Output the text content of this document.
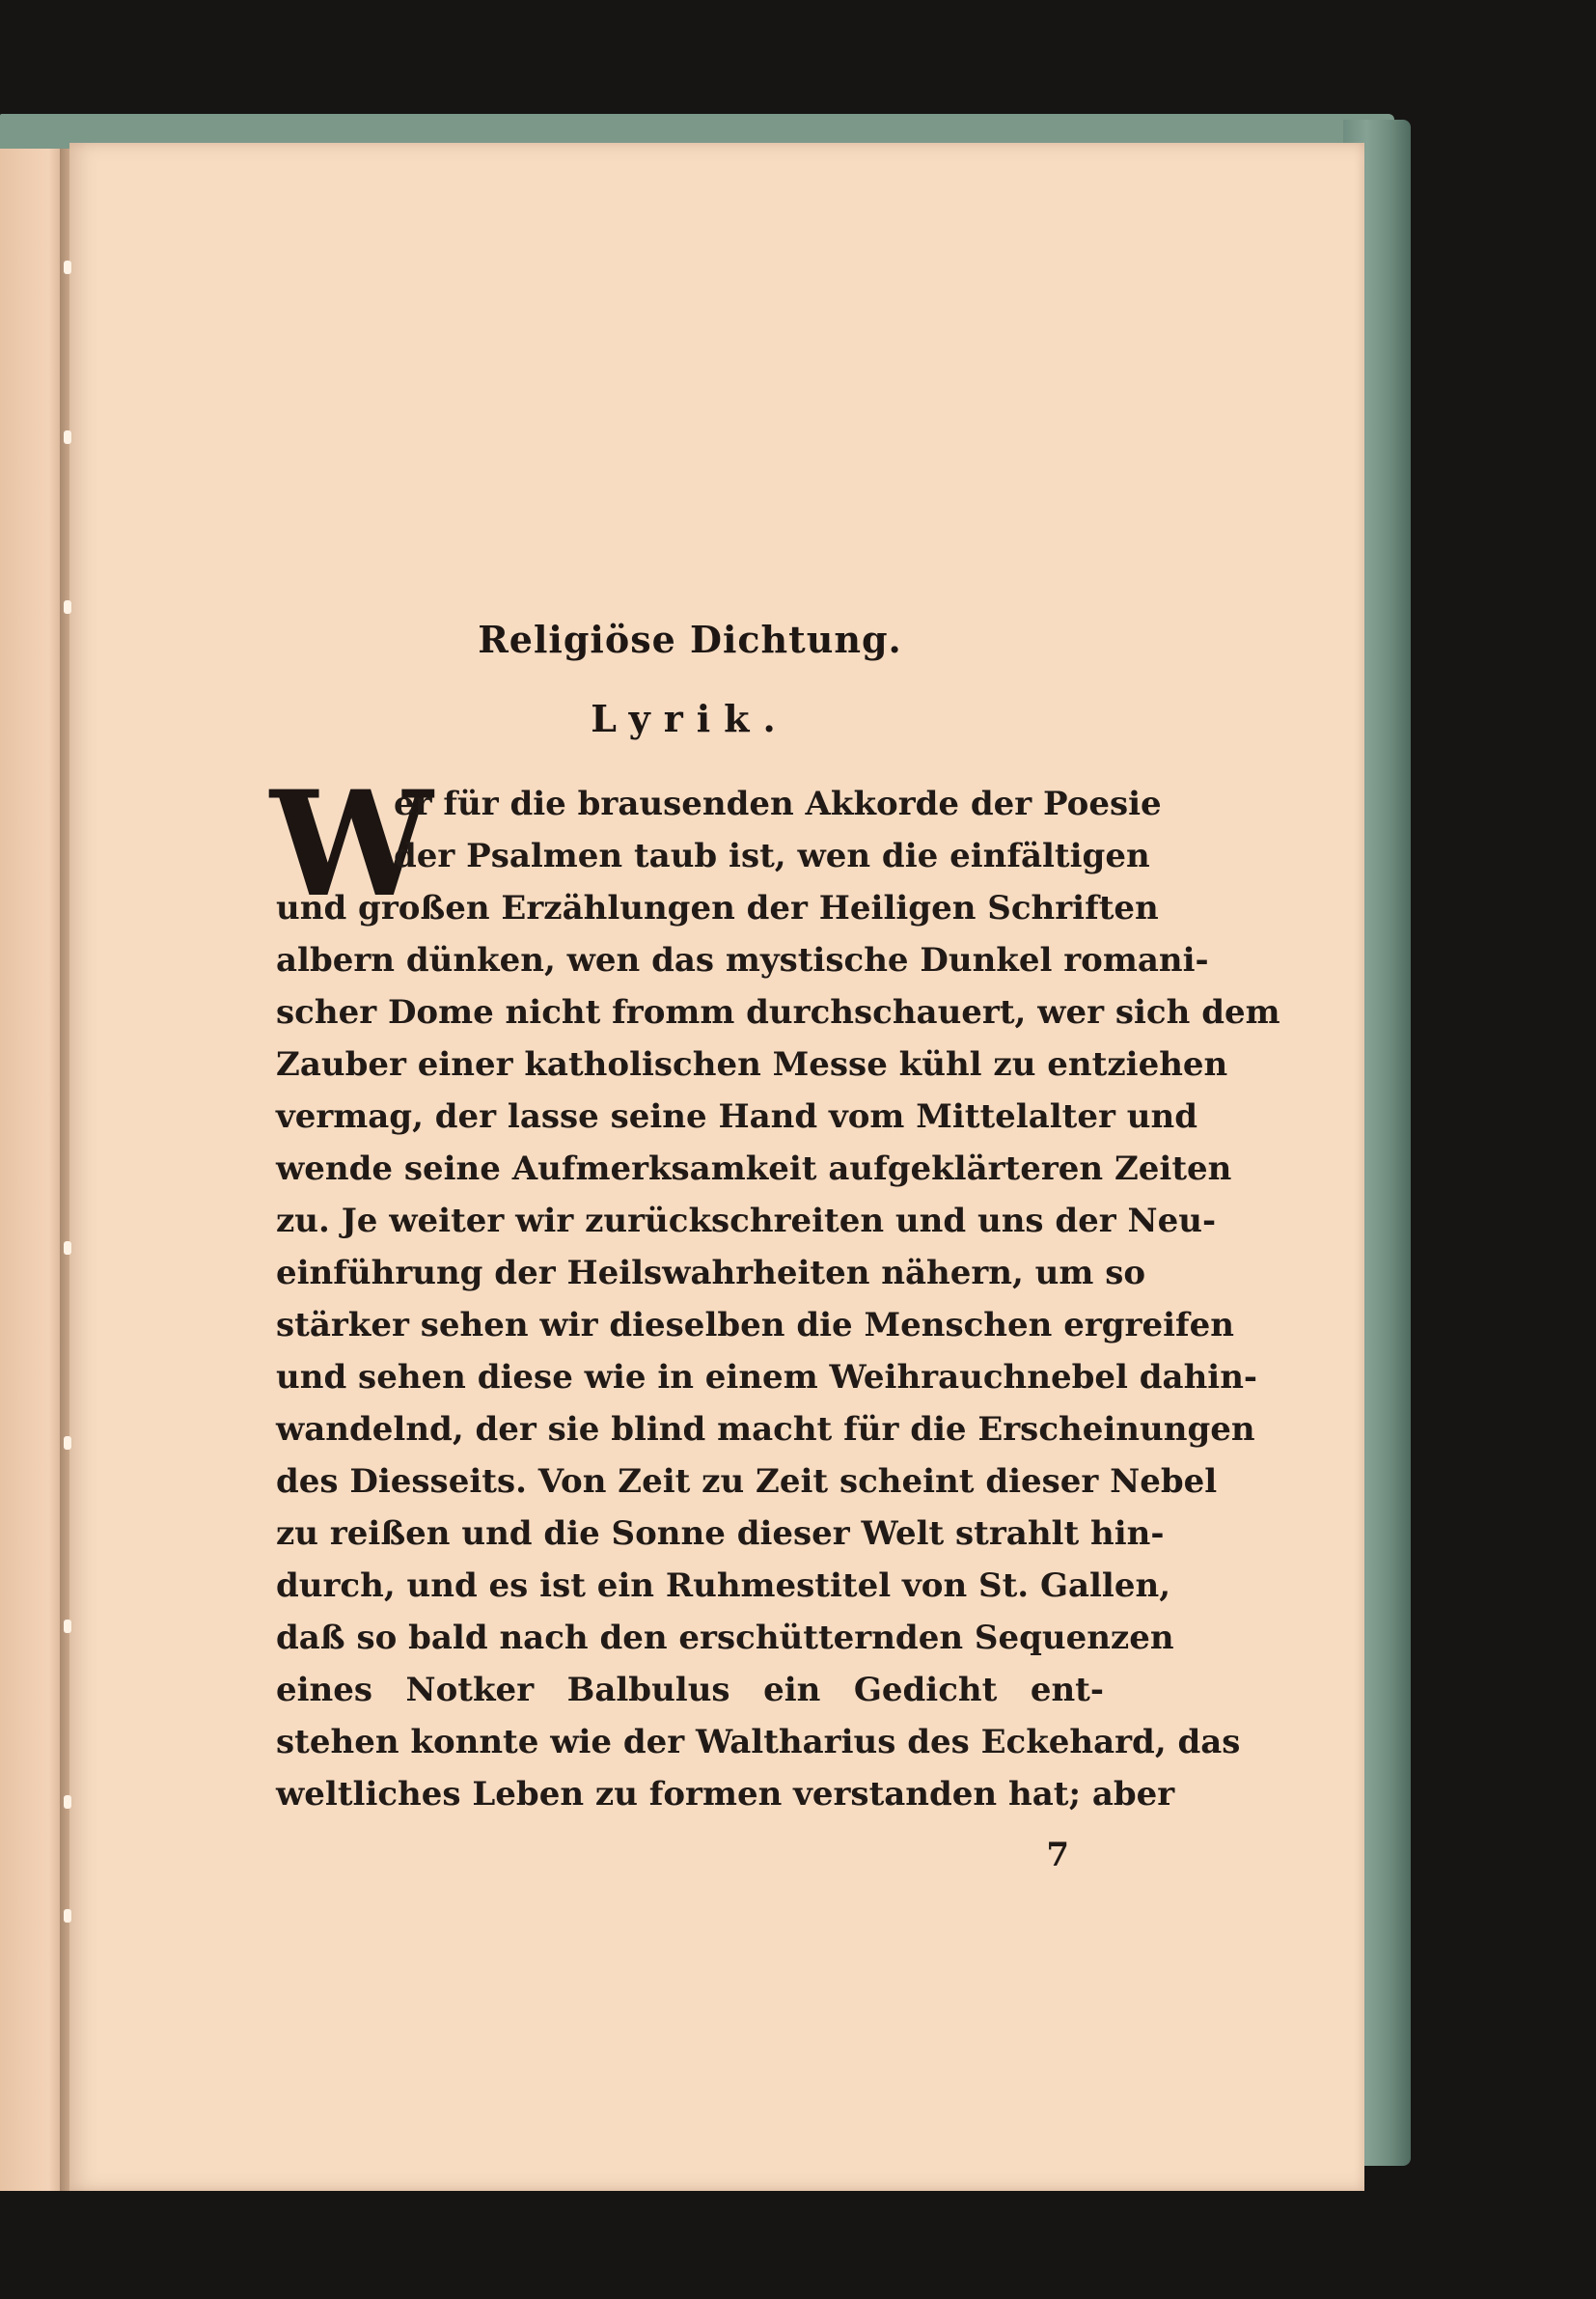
Religiöse Dichtung.
Lyrik.
W
er für die brausenden Akkorde der Poesie
der Psalmen taub ist, wen die einfältigen
und großen Erzählungen der Heiligen Schriften
albern dünken, wen das mystische Dunkel romani-
scher Dome nicht fromm durchschauert, wer sich dem
Zauber einer katholischen Messe kühl zu entziehen
vermag, der lasse seine Hand vom Mittelalter und
wende seine Aufmerksamkeit aufgeklärteren Zeiten
zu. Je weiter wir zurückschreiten und uns der Neu-
einführung der Heilswahrheiten nähern, um so
stärker sehen wir dieselben die Menschen ergreifen
und sehen diese wie in einem Weihrauchnebel dahin-
wandelnd, der sie blind macht für die Erscheinungen
des Diesseits. Von Zeit zu Zeit scheint dieser Nebel
zu reißen und die Sonne dieser Welt strahlt hin-
durch, und es ist ein Ruhmestitel von St. Gallen,
daß so bald nach den erschütternden Sequenzen
eines Notker Balbulus ein Gedicht ent-
stehen konnte wie der Waltharius des Eckehard, das
weltliches Leben zu formen verstanden hat; aber
7
